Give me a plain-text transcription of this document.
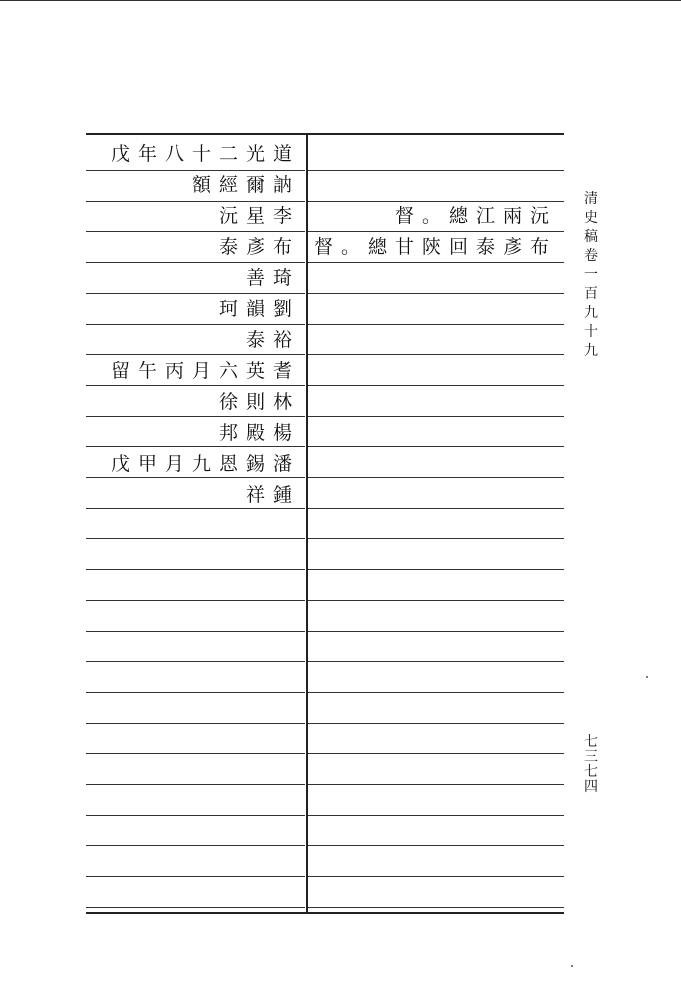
戊年八十二光道
額經爾訥
沅星李
泰彥布
善琦
珂韻劉
泰裕
留午丙月六英耆
徐則林
邦殿楊
戊甲月九恩錫潘
祥鍾
督。總江兩沅
督。總甘陝回泰彥布
清
史
稿
卷
一
百
九
十
九
七
三
七
四
